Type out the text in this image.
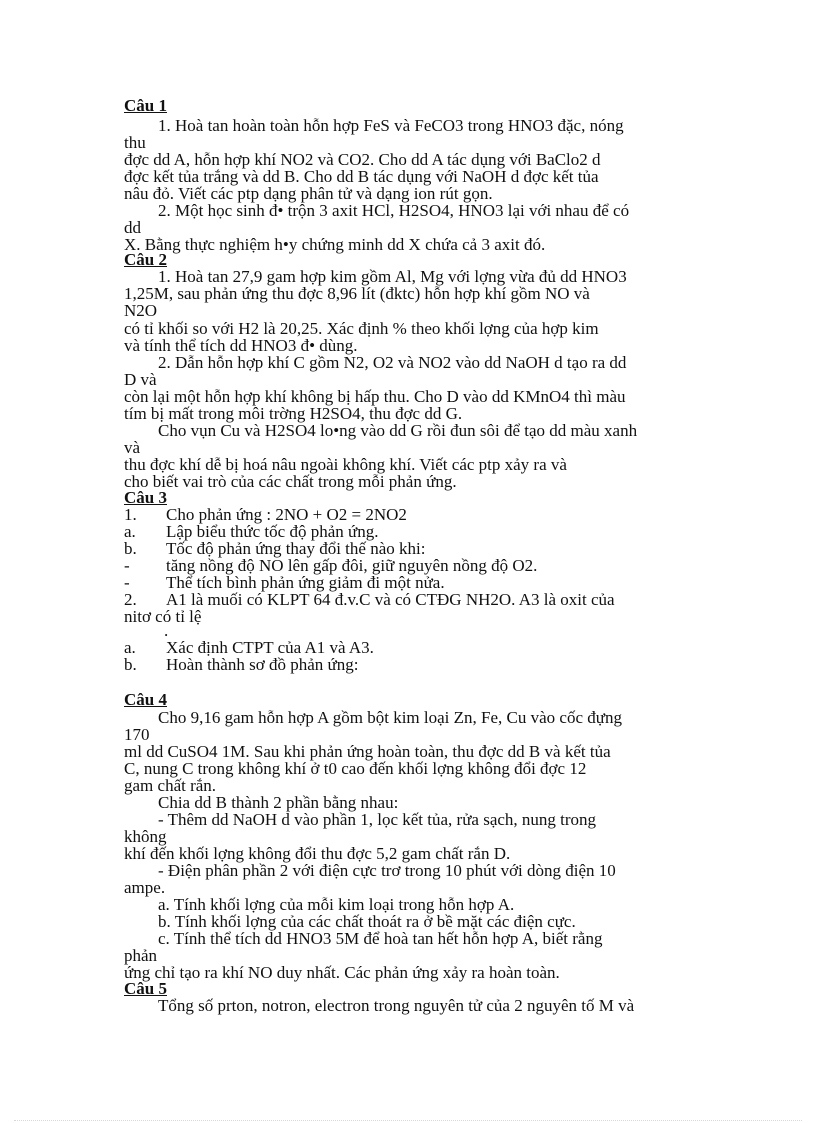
Câu 1
1. Hoà tan hoàn toàn hỗn hợp FeS và FeCO3 trong HNO3 đặc, nóng
thu
đợc dd A, hỗn hợp khí NO2 và CO2. Cho dd A tác dụng với BaClo2 d
đợc kết tủa trắng và dd B. Cho dd B tác dụng với NaOH d đợc kết tủa
nâu đỏ. Viết các ptp dạng phân tử và dạng ion rút gọn.
2. Một học sinh đ• trộn 3 axit HCl, H2SO4, HNO3 lại với nhau để có
dd
X. Bằng thực nghiệm h•y chứng minh dd X chứa cả 3 axit đó.
Câu 2
1. Hoà tan 27,9 gam hợp kim gồm Al, Mg với lợng vừa đủ dd HNO3
1,25M, sau phản ứng thu đợc 8,96 lít (đktc) hỗn hợp khí gồm NO và
N2O
có tỉ khối so với H2 là 20,25. Xác định % theo khối lợng của hợp kim
và tính thể tích dd HNO3 đ• dùng.
2. Dẫn hỗn hợp khí C gồm N2, O2 và NO2 vào dd NaOH d tạo ra dd
D và
còn lại một hỗn hợp khí không bị hấp thu. Cho D vào dd KMnO4 thì màu
tím bị mất trong môi trờng H2SO4, thu đợc dd G.
Cho vụn Cu và H2SO4 lo•ng vào dd G rồi đun sôi để tạo dd màu xanh
và
thu đợc khí dễ bị hoá nâu ngoài không khí. Viết các ptp xảy ra và
cho biết vai trò của các chất trong mỗi phản ứng.
Câu 3
1. Cho phản ứng : 2NO + O2 = 2NO2
a. Lập biểu thức tốc độ phản ứng.
b. Tốc độ phản ứng thay đổi thế nào khi:
- tăng nồng độ NO lên gấp đôi, giữ nguyên nồng độ O2.
- Thể tích bình phản ứng giảm đi một nửa.
2. A1 là muối có KLPT 64 đ.v.C và có CTĐG NH2O. A3 là oxit của
nitơ có tỉ lệ
.
a. Xác định CTPT của A1 và A3.
b. Hoàn thành sơ đồ phản ứng:
Câu 4
Cho 9,16 gam hỗn hợp A gồm bột kim loại Zn, Fe, Cu vào cốc đựng
170
ml dd CuSO4 1M. Sau khi phản ứng hoàn toàn, thu đợc dd B và kết tủa
C, nung C trong không khí ở t0 cao đến khối lợng không đổi đợc 12
gam chất rắn.
Chia dd B thành 2 phần bằng nhau:
- Thêm dd NaOH d vào phần 1, lọc kết tủa, rửa sạch, nung trong
không
khí đến khối lợng không đổi thu đợc 5,2 gam chất rắn D.
- Điện phân phần 2 với điện cực trơ trong 10 phút với dòng điện 10
ampe.
a. Tính khối lợng của mỗi kim loại trong hỗn hợp A.
b. Tính khối lợng của các chất thoát ra ở bề mặt các điện cực.
c. Tính thể tích dd HNO3 5M để hoà tan hết hỗn hợp A, biết rằng
phản
ứng chỉ tạo ra khí NO duy nhất. Các phản ứng xảy ra hoàn toàn.
Câu 5
Tổng số prton, notron, electron trong nguyên tử của 2 nguyên tố M và
